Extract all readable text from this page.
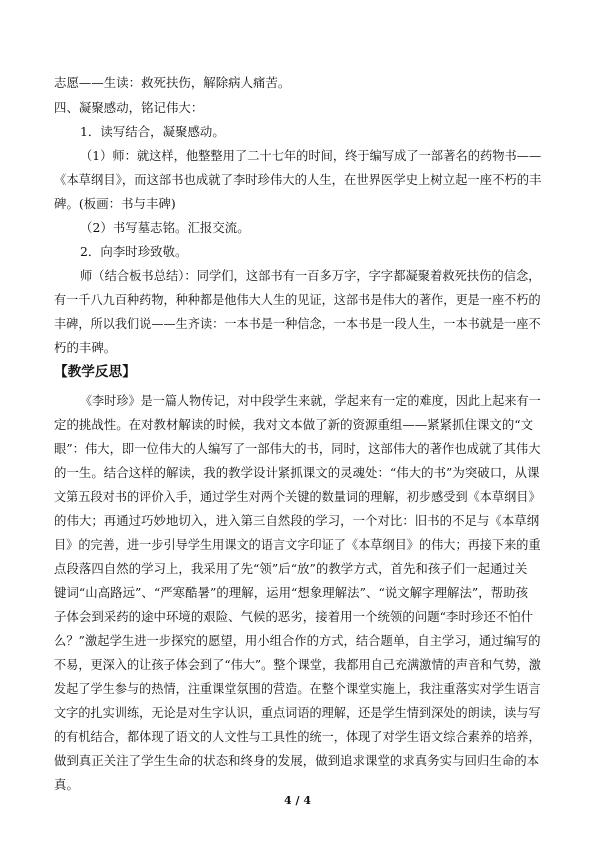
志愿——生读：救死扶伤，解除病人痛苦。
四、凝聚感动，铭记伟大：
1．读写结合，凝聚感动。
（1）师：就这样，他整整用了二十七年的时间，终于编写成了一部著名的药物书——
《本草纲目》，而这部书也成就了李时珍伟大的人生，在世界医学史上树立起一座不朽的丰
碑。(板画：书与丰碑)
（2）书写墓志铭。汇报交流。
2．向李时珍致敬。
师（结合板书总结）：同学们，这部书有一百多万字，字字都凝聚着救死扶伤的信念，
有一千八九百种药物，种种都是他伟大人生的见证，这部书是伟大的著作，更是一座不朽的
丰碑，所以我们说——生齐读：一本书是一种信念，一本书是一段人生，一本书就是一座不
朽的丰碑。
【教学反思】
《李时珍》是一篇人物传记，对中段学生来就，学起来有一定的难度，因此上起来有一
定的挑战性。在对教材解读的时候，我对文本做了新的资源重组——紧紧抓住课文的“文
眼”：伟大，即一位伟大的人编写了一部伟大的书，同时，这部伟大的著作也成就了其伟大
的一生。结合这样的解读，我的教学设计紧抓课文的灵魂处：“伟大的书”为突破口，从课
文第五段对书的评价入手，通过学生对两个关键的数量词的理解，初步感受到《本草纲目》
的伟大；再通过巧妙地切入，进入第三自然段的学习，一个对比：旧书的不足与《本草纲
目》的完善，进一步引导学生用课文的语言文字印证了《本草纲目》的伟大；再接下来的重
点段落四自然的学习上，我采用了先“领”后“放”的教学方式，首先和孩子们一起通过关
键词“山高路远”、“严寒酷暑”的理解，运用“想象理解法”、“说文解字理解法”，帮助孩
子体会到采药的途中环境的艰险、气候的恶劣，接着用一个统领的问题“李时珍还不怕什
么？”激起学生进一步探究的愿望，用小组合作的方式，结合题单，自主学习，通过编写的
不易，更深入的让孩子体会到了“伟大”。整个课堂，我都用自己充满激情的声音和气势，激
发起了学生参与的热情，注重课堂氛围的营造。在整个课堂实施上，我注重落实对学生语言
文字的扎实训练，无论是对生字认识，重点词语的理解，还是学生情到深处的朗读，读与写
的有机结合，都体现了语文的人文性与工具性的统一，体现了对学生语文综合素养的培养，
做到真正关注了学生生命的状态和终身的发展，做到追求课堂的求真务实与回归生命的本
真。
4 / 4
